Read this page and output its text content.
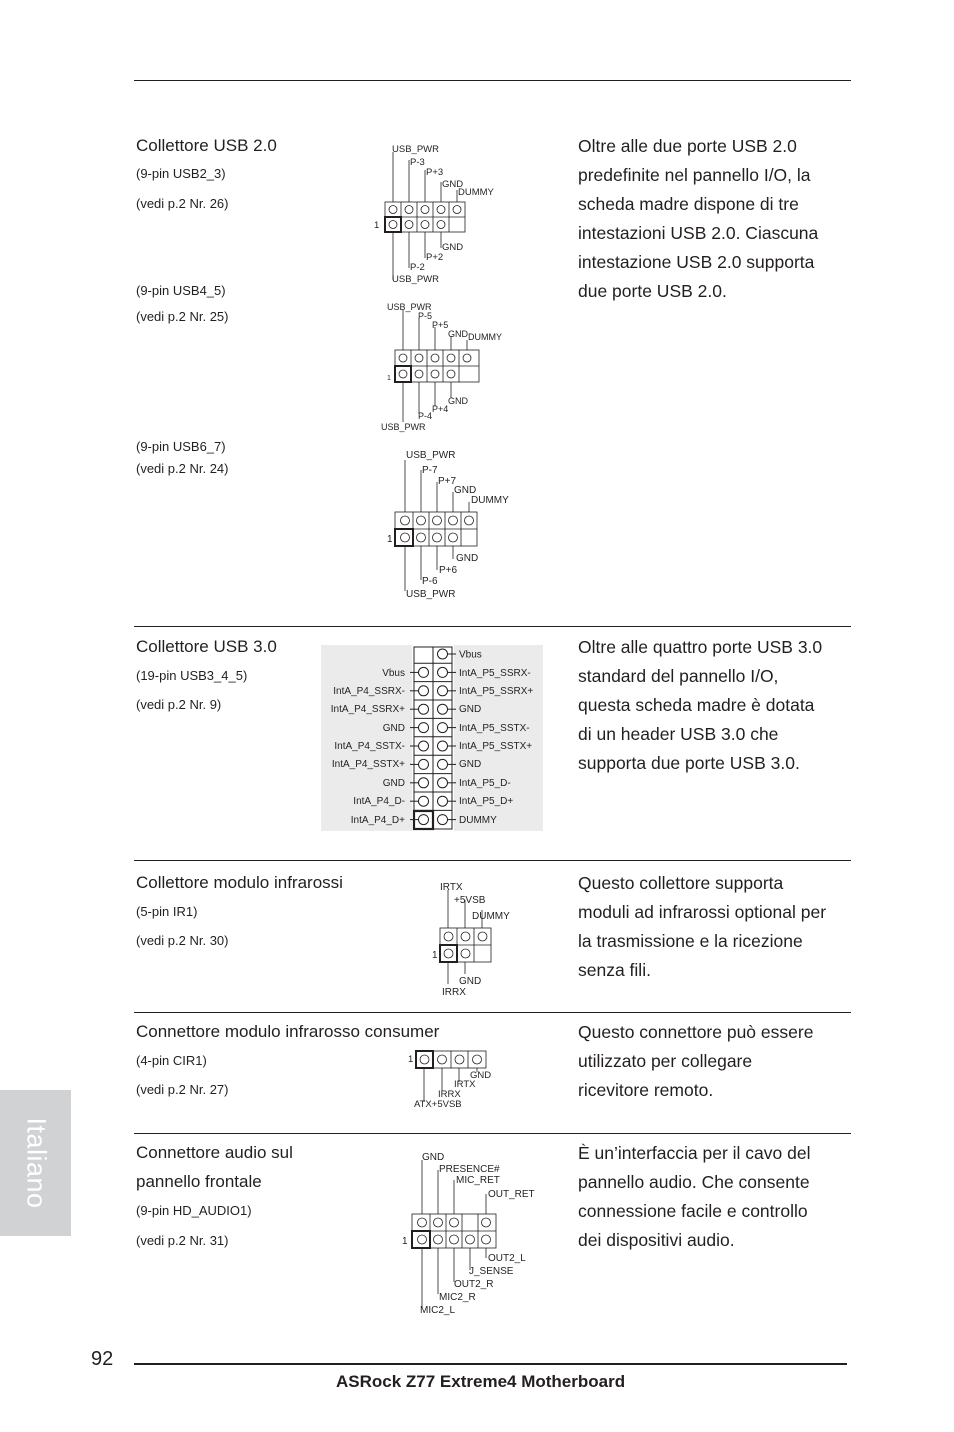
Collettore USB 2.0
(9-pin USB2_3)
(vedi p.2 Nr. 26)
(9-pin USB4_5)
(vedi p.2 Nr. 25)
(9-pin USB6_7)
(vedi p.2 Nr. 24)
Oltre alle due porte USB 2.0
predefinite nel pannello I/O, la
scheda madre dispone di tre
intestazioni USB 2.0. Ciascuna
intestazione USB 2.0 supporta
due porte USB 2.0.
USB_PWR
P-3
P+3
GND
DUMMY
GND
P+2
P-2
USB_PWR
1
USB_PWR
P-5
P+5
GND DUMMY
GND
P+4
P-4
USB_PWR
1
USB_PWR
P-7
P+7
GND
DUMMY
GND
P+6
P-6
USB_PWR
1
Collettore USB 3.0
(19-pin USB3_4_5)
(vedi p.2 Nr. 9)
Oltre alle quattro porte USB 3.0
standard del pannello I/O,
questa scheda madre è dotata
di un header USB 3.0 che
supporta due porte USB 3.0.
Vbus
Vbus	IntA_P5_SSRX-
IntA_P4_SSRX-	IntA_P5_SSRX+
IntA_P4_SSRX+	GND
GND	IntA_P5_SSTX-
IntA_P4_SSTX-	IntA_P5_SSTX+
IntA_P4_SSTX+	GND
GND	IntA_P5_D-
IntA_P4_D-	IntA_P5_D+
IntA_P4_D+	DUMMY
Collettore modulo infrarossi
(5-pin IR1)
(vedi p.2 Nr. 30)
Questo collettore supporta
moduli ad infrarossi optional per
la trasmissione e la ricezione
senza fili.
IRTX
+5VSB
DUMMY
GND
IRRX
1
Connettore modulo infrarosso consumer
(4-pin CIR1)
(vedi p.2 Nr. 27)
Questo connettore può essere
utilizzato per collegare
ricevitore remoto.
GND
IRTX
IRRX
ATX+5VSB
1
Connettore audio sul
pannello frontale
(9-pin HD_AUDIO1)
(vedi p.2 Nr. 31)
È un’interfaccia per il cavo del
pannello audio. Che consente
connessione facile e controllo
dei dispositivi audio.
GND
PRESENCE#
MIC_RET
OUT_RET
OUT2_L
J_SENSE
OUT2_R
MIC2_R
MIC2_L
1
Italiano
92
ASRock Z77 Extreme4 Motherboard
